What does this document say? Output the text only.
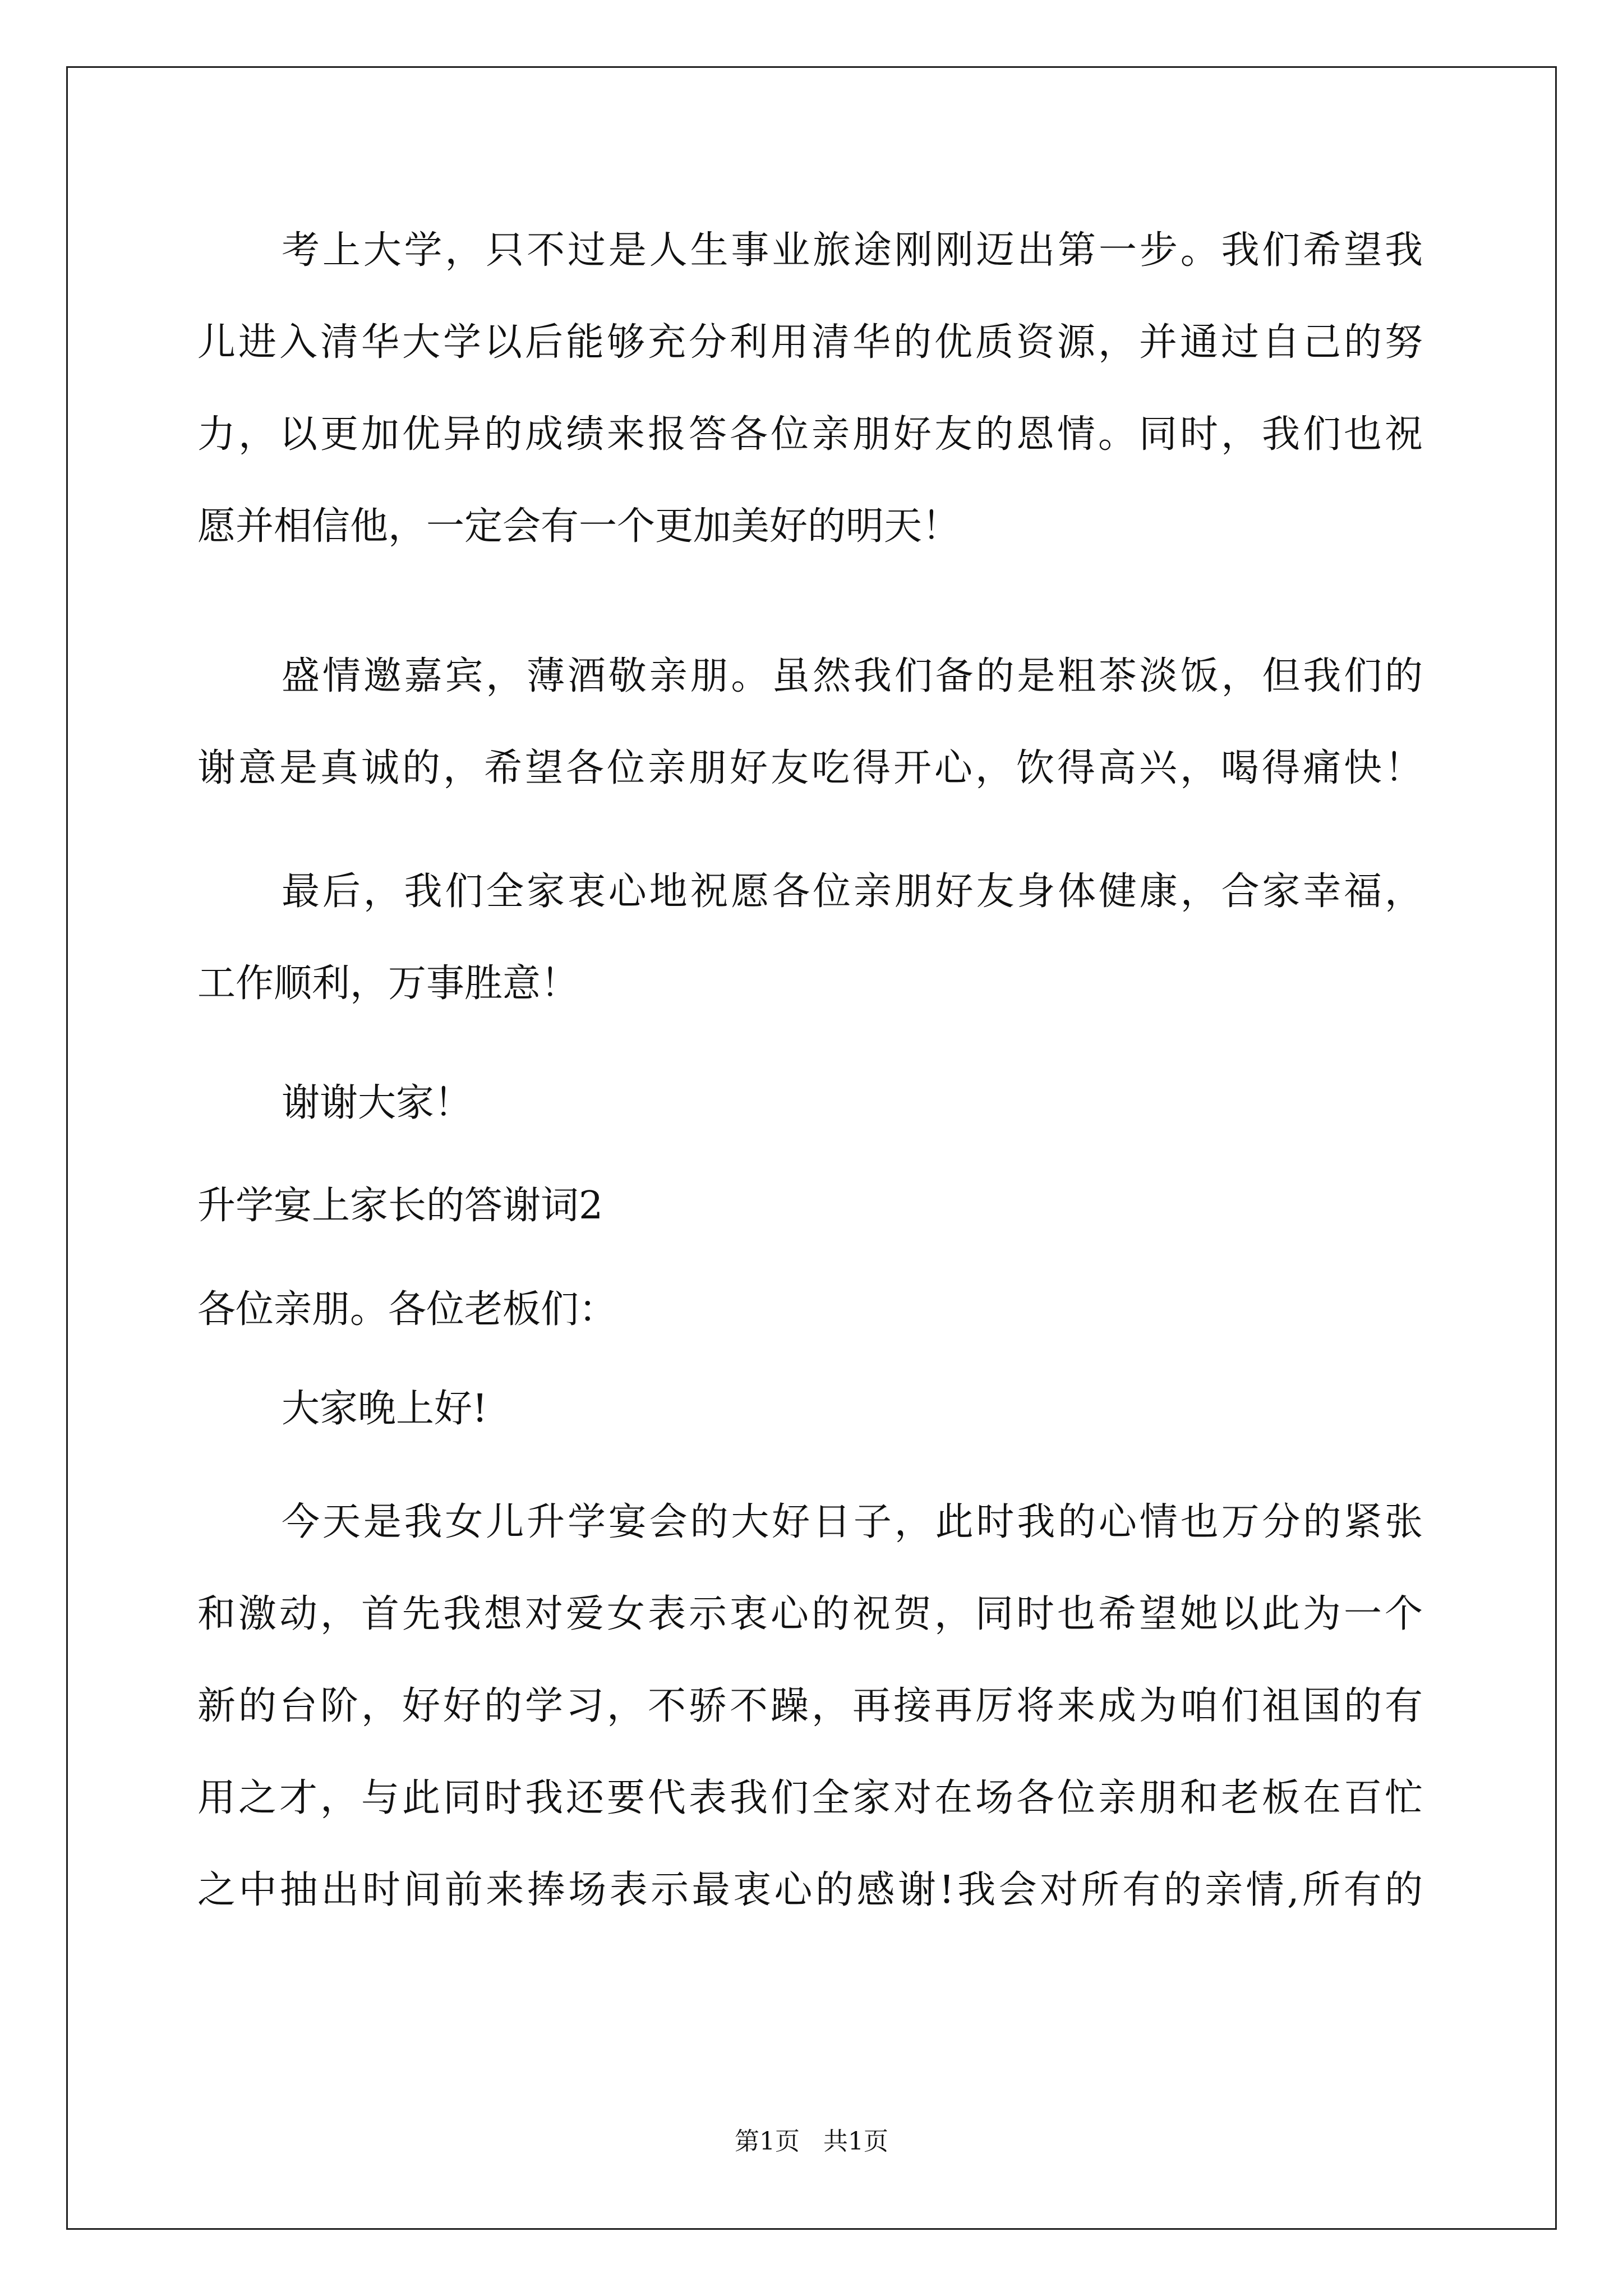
考上大学，只不过是人生事业旅途刚刚迈出第一步。我们希望我
儿进入清华大学以后能够充分利用清华的优质资源，并通过自己的努
力，以更加优异的成绩来报答各位亲朋好友的恩情。同时，我们也祝
愿并相信他，一定会有一个更加美好的明天！
盛情邀嘉宾，薄酒敬亲朋。虽然我们备的是粗茶淡饭，但我们的
谢意是真诚的，希望各位亲朋好友吃得开心，饮得高兴，喝得痛快！
最后，我们全家衷心地祝愿各位亲朋好友身体健康，合家幸福，
工作顺利，万事胜意！
谢谢大家！
升学宴上家长的答谢词2
各位亲朋。各位老板们：
大家晚上好!
今天是我女儿升学宴会的大好日子，此时我的心情也万分的紧张
和激动，首先我想对爱女表示衷心的祝贺，同时也希望她以此为一个
新的台阶，好好的学习，不骄不躁，再接再厉将来成为咱们祖国的有
用之才，与此同时我还要代表我们全家对在场各位亲朋和老板在百忙
之中抽出时间前来捧场表示最衷心的感谢!我会对所有的亲情,所有的
第1页   共1页
